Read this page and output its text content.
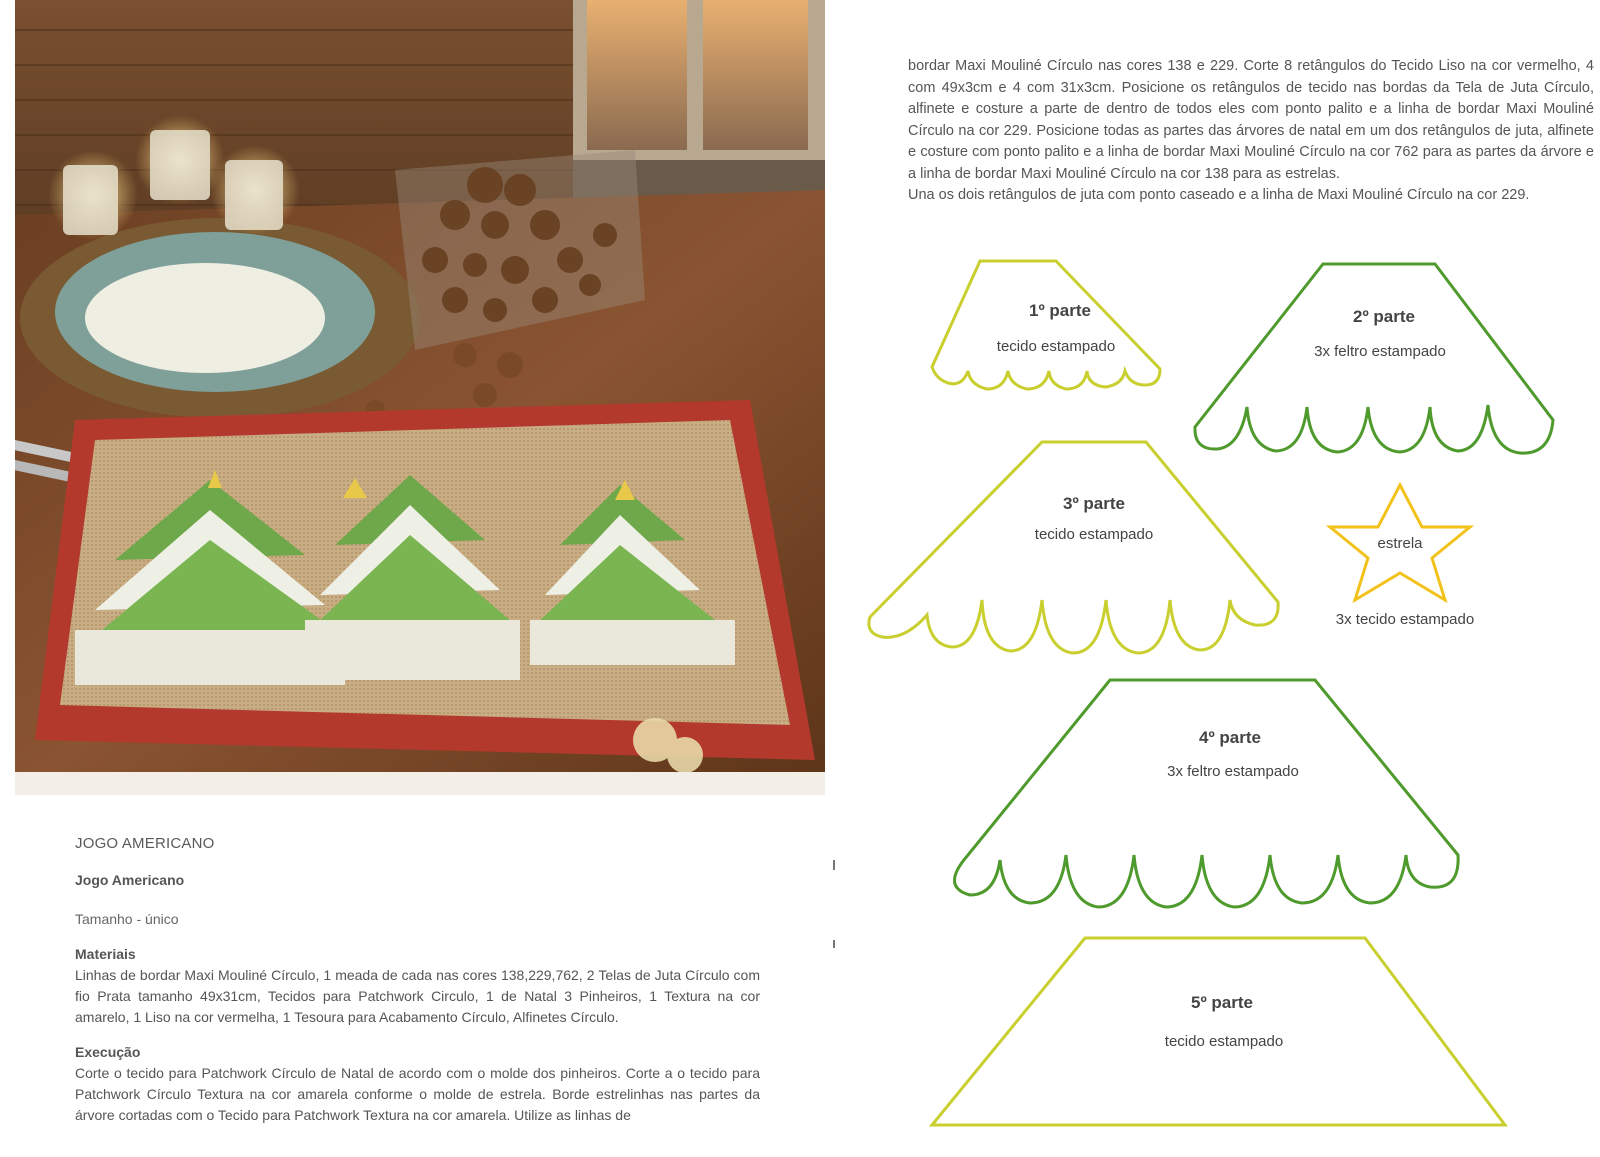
JOGO AMERICANO

Jogo Americano

Tamanho - único

Materiais

Linhas de bordar Maxi Mouliné Círculo, 1 meada de cada nas cores 138,229,762, 2 Telas de Juta Círculo com fio Prata tamanho 49x31cm, Tecidos para Patchwork Circulo, 1 de Natal 3 Pinheiros, 1 Textura na cor amarelo, 1 Liso na cor vermelha, 1 Tesoura para Acabamento Círculo, Alfinetes Círculo.

Execução

Corte o tecido para Patchwork Círculo de Natal de acordo com o molde dos pinheiros. Corte a o tecido para Patchwork Círculo Textura na cor amarela conforme o molde de estrela. Borde estrelinhas nas partes da árvore cortadas com o Tecido para Patchwork Textura na cor amarela. Utilize as linhas de

bordar Maxi Mouliné Círculo nas cores 138 e 229. Corte 8 retângulos do Tecido Liso na cor vermelho, 4 com 49x3cm e 4 com 31x3cm. Posicione os retângulos de tecido nas bordas da Tela de Juta Círculo, alfinete e costure a parte de dentro de todos eles com ponto palito e a linha de bordar Maxi Mouliné Círculo na cor 229. Posicione todas as partes das árvores de natal em um dos retângulos de juta, alfinete e costure com ponto palito e a linha de bordar Maxi Mouliné Círculo na cor 762 para as partes da árvore e a linha de bordar Maxi Mouliné Círculo na cor 138 para as estrelas.

Una os dois retângulos de juta com ponto caseado e a linha de Maxi Mouliné Círculo na cor 229.

1º parte
tecido estampado
2º parte
3x feltro estampado
3º parte
tecido estampado
estrela
3x tecido estampado
4º parte
3x feltro estampado
5º parte
tecido estampado
